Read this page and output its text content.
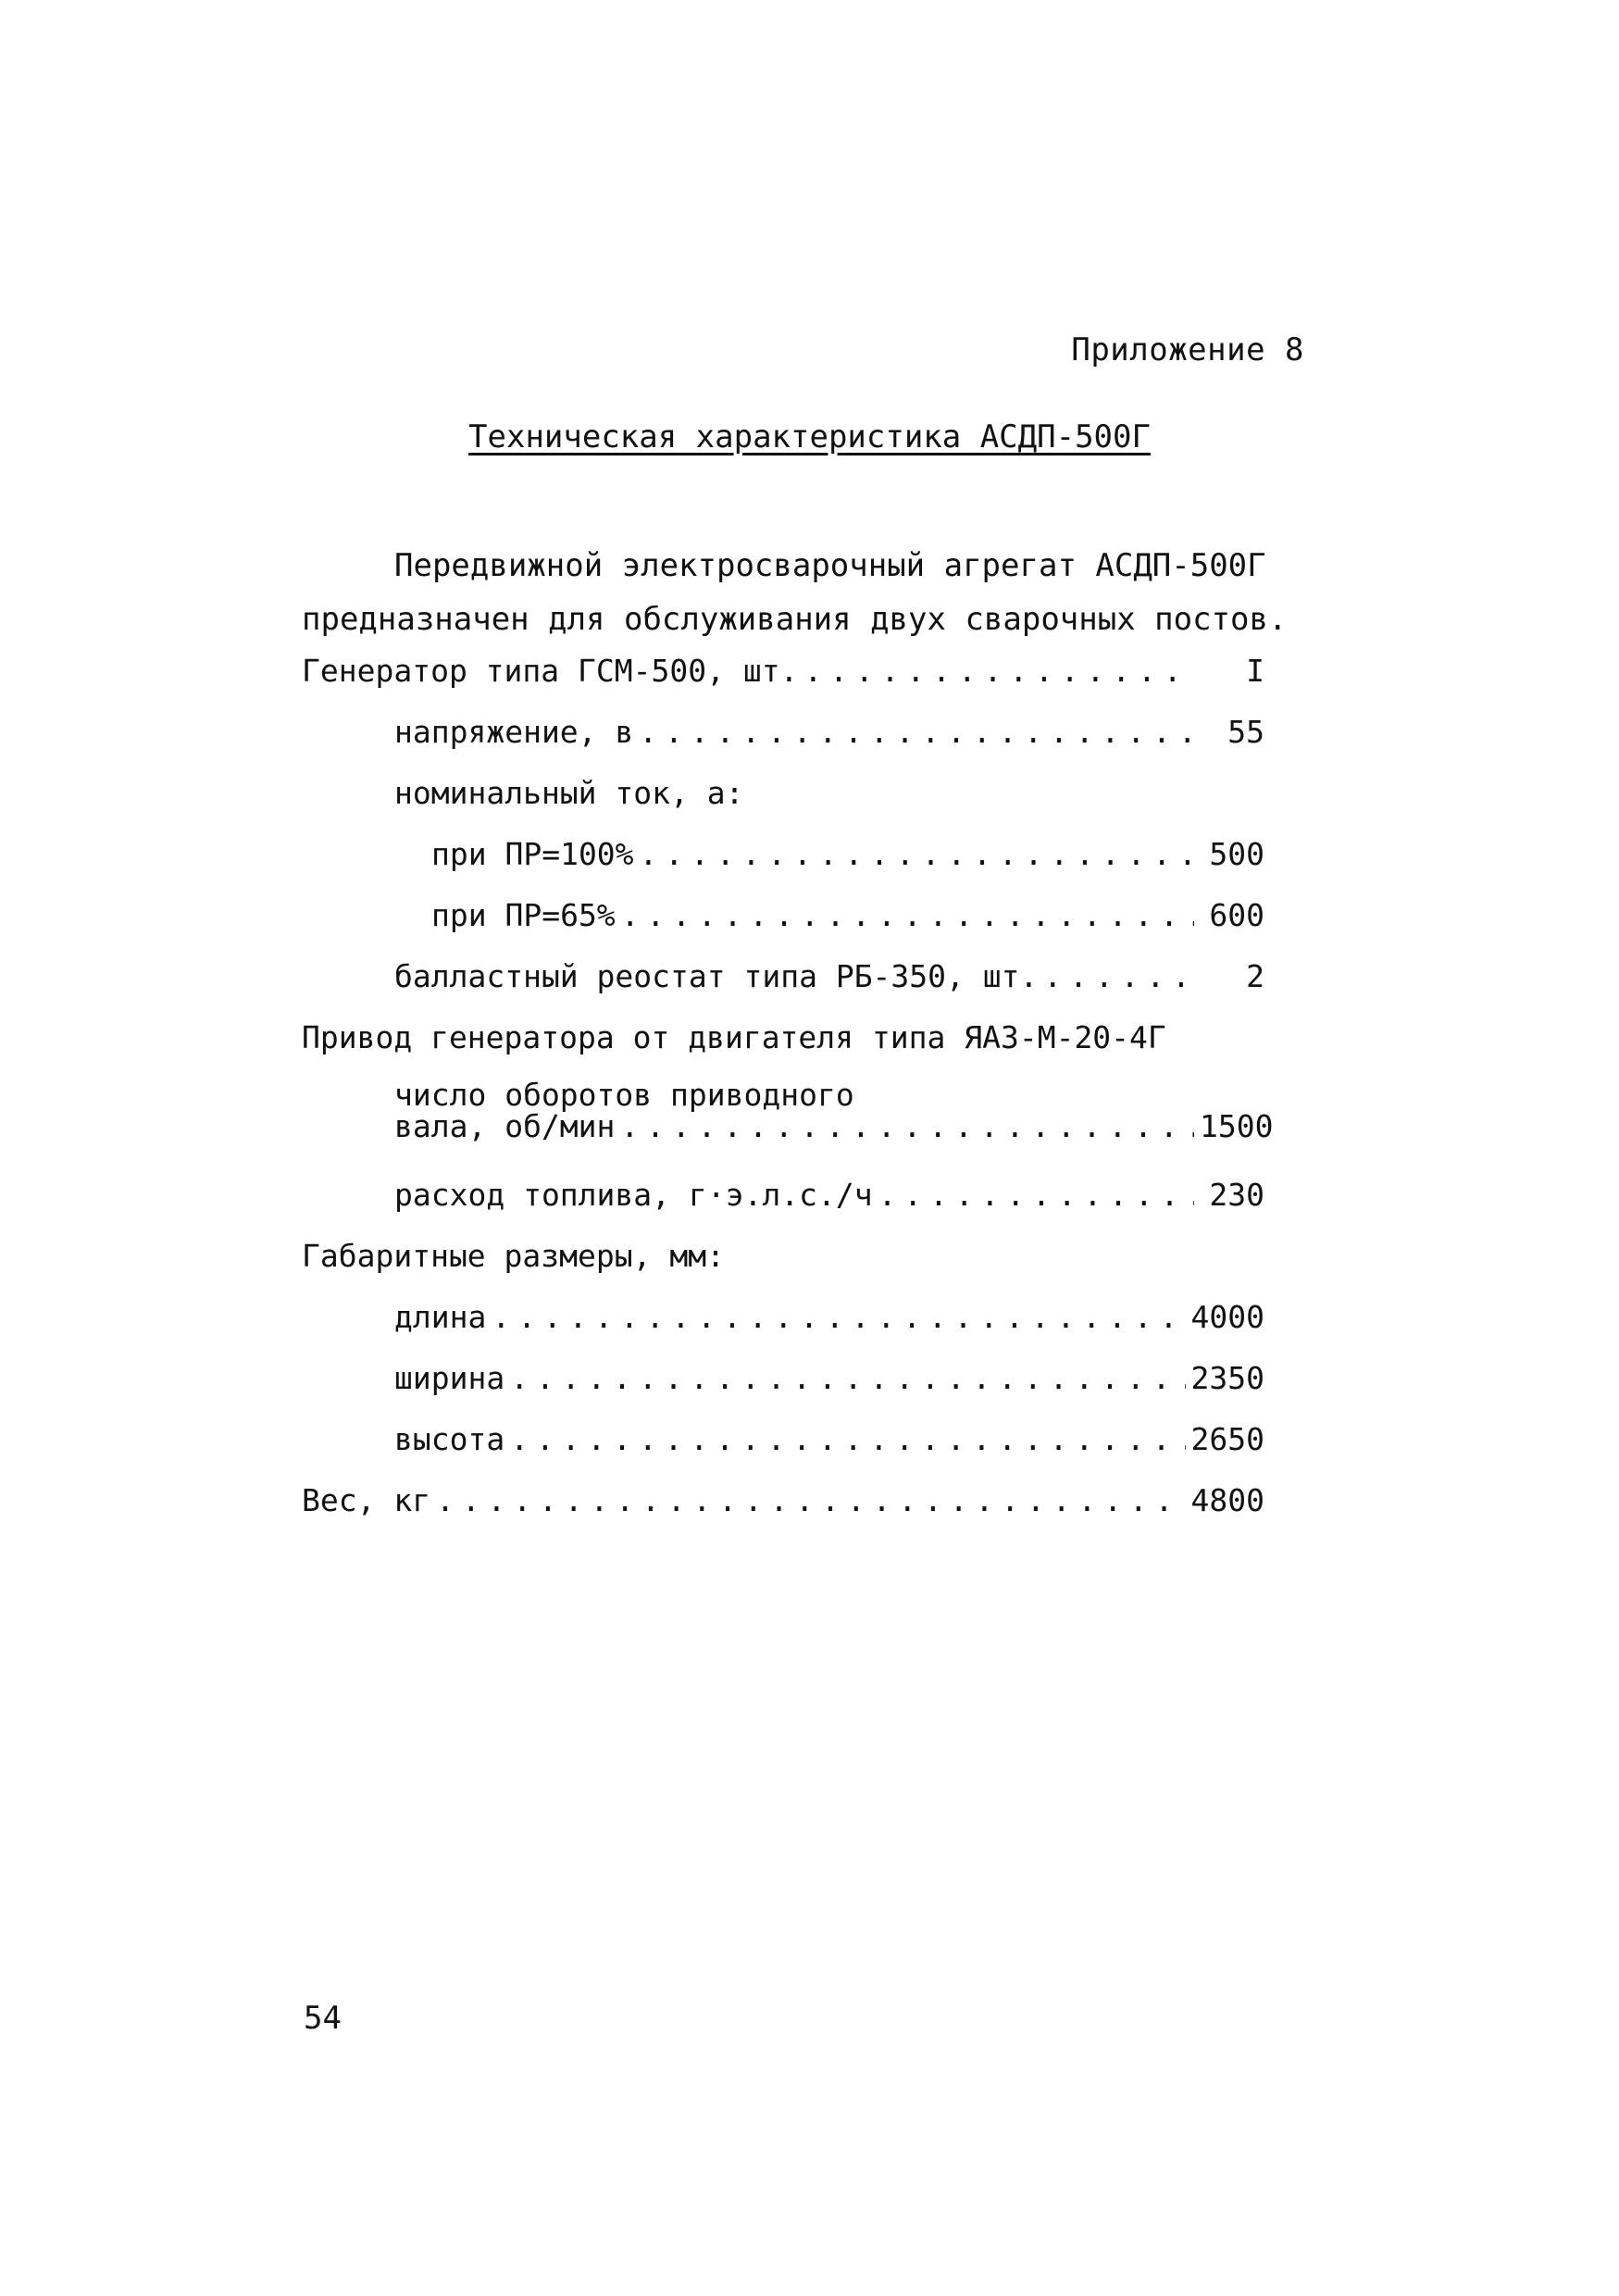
Приложение 8
Техническая характеристика АСДП-500Г
Передвижной электросварочный агрегат АСДП-500Г
предназначен для обслуживания двух сварочных постов.
Генератор типа ГСМ-500, шт. . . .	I
напряжение, в . . .	55
номинальный ток, а:
при ПР=100% . . .	500
при ПР=65% . . .	600
балластный реостат типа РБ-350, шт. . . .	2
Привод генератора от двигателя типа ЯАЗ-М-20-4Г
число оборотов приводного
вала, об/мин . . .	1500
расход топлива, г·э.л.с./ч . . .	230
Габаритные размеры, мм:
длина . . .	4000
ширина . . .	2350
высота . . .	2650
Вес, кг . . .	4800
54
